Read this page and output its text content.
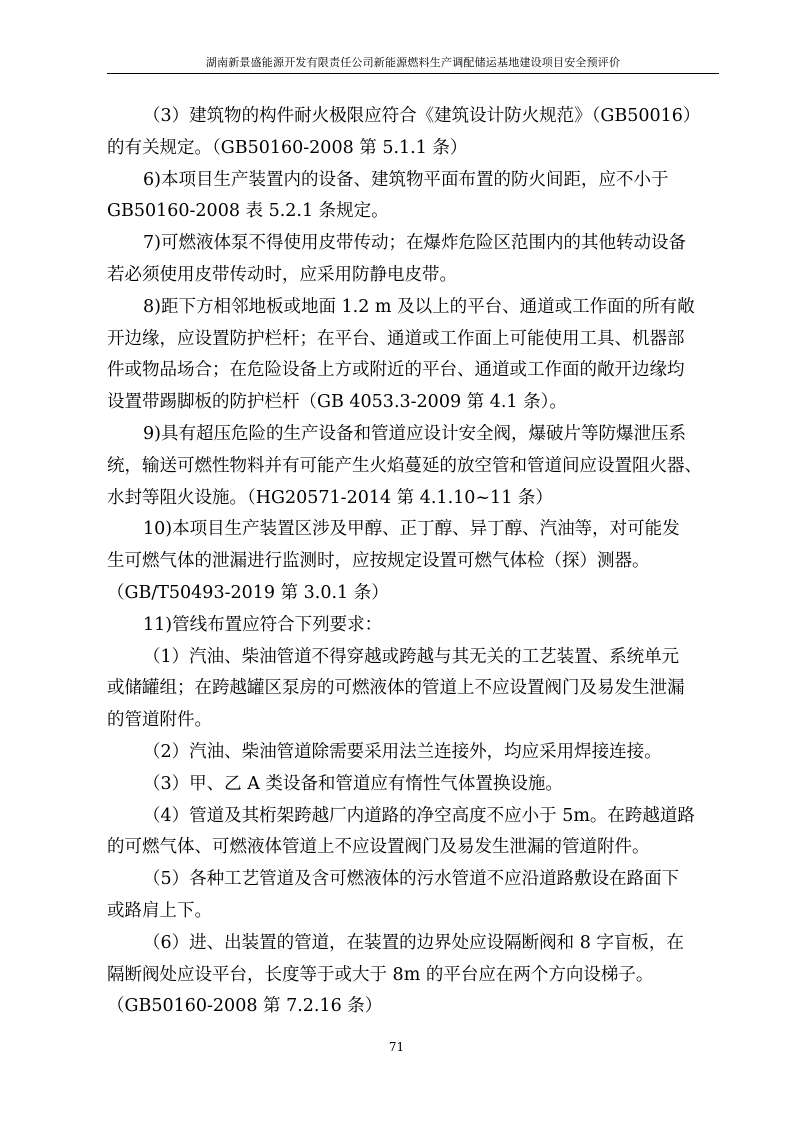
湖南新景盛能源开发有限责任公司新能源燃料生产调配储运基地建设项目安全预评价
（3）建筑物的构件耐火极限应符合《建筑设计防火规范》（GB50016）
的有关规定。（GB50160-2008 第 5.1.1 条）
6)本项目生产装置内的设备、建筑物平面布置的防火间距，应不小于
GB50160-2008 表 5.2.1 条规定。
7)可燃液体泵不得使用皮带传动；在爆炸危险区范围内的其他转动设备
若必须使用皮带传动时，应采用防静电皮带。
8)距下方相邻地板或地面 1.2 m 及以上的平台、通道或工作面的所有敞
开边缘，应设置防护栏杆；在平台、通道或工作面上可能使用工具、机器部
件或物品场合；在危险设备上方或附近的平台、通道或工作面的敞开边缘均
设置带踢脚板的防护栏杆（GB 4053.3-2009 第 4.1 条）。
9)具有超压危险的生产设备和管道应设计安全阀，爆破片等防爆泄压系
统，输送可燃性物料并有可能产生火焰蔓延的放空管和管道间应设置阻火器、
水封等阻火设施。（HG20571-2014 第 4.1.10~11 条）
10)本项目生产装置区涉及甲醇、正丁醇、异丁醇、汽油等，对可能发
生可燃气体的泄漏进行监测时，应按规定设置可燃气体检（探）测器。
（GB/T50493-2019 第 3.0.1 条）
11)管线布置应符合下列要求：
（1）汽油、柴油管道不得穿越或跨越与其无关的工艺装置、系统单元
或储罐组；在跨越罐区泵房的可燃液体的管道上不应设置阀门及易发生泄漏
的管道附件。
（2）汽油、柴油管道除需要采用法兰连接外，均应采用焊接连接。
（3）甲、乙 A 类设备和管道应有惰性气体置换设施。
（4）管道及其桁架跨越厂内道路的净空高度不应小于 5m。在跨越道路
的可燃气体、可燃液体管道上不应设置阀门及易发生泄漏的管道附件。
（5）各种工艺管道及含可燃液体的污水管道不应沿道路敷设在路面下
或路肩上下。
（6）进、出装置的管道，在装置的边界处应设隔断阀和 8 字盲板，在
隔断阀处应设平台，长度等于或大于 8m 的平台应在两个方向设梯子。
（GB50160-2008 第 7.2.16 条）
71
